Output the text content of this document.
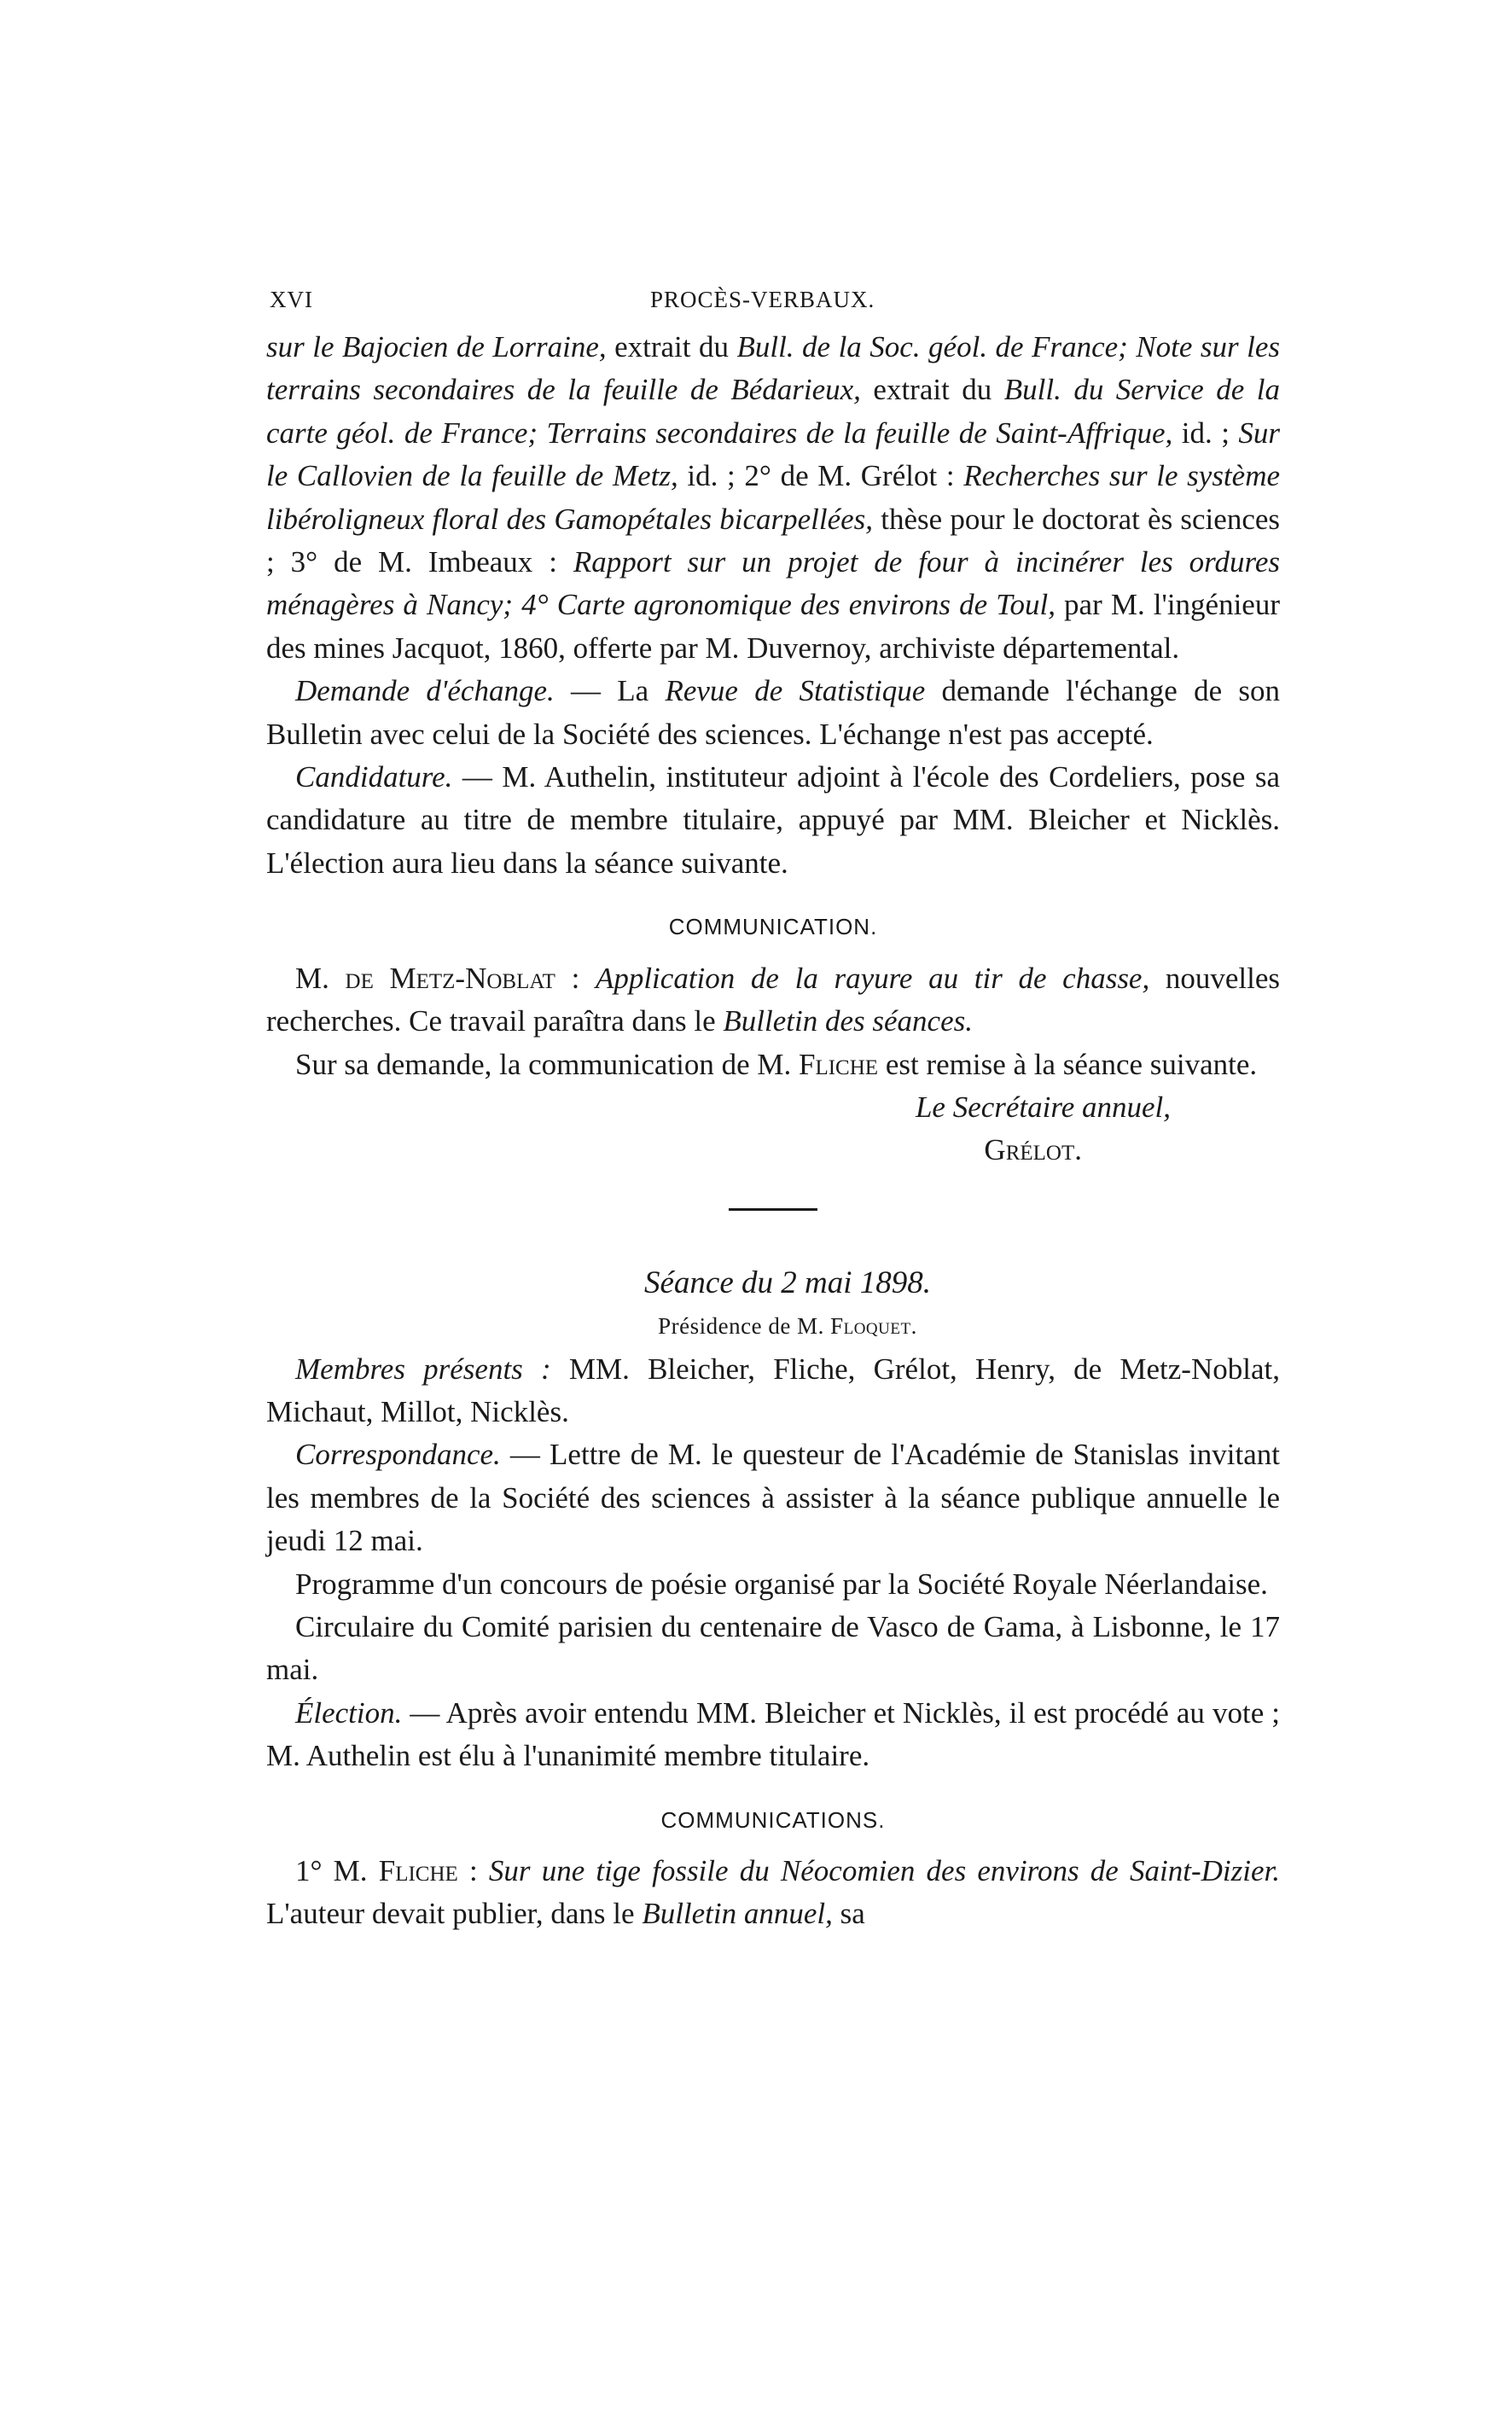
XVI	PROCÈS-VERBAUX.

sur le Bajocien de Lorraine, extrait du Bull. de la Soc. géol. de France; Note sur les terrains secondaires de la feuille de Bédarieux, extrait du Bull. du Service de la carte géol. de France; Terrains secondaires de la feuille de Saint-Affrique, id. ; Sur le Callovien de la feuille de Metz, id. ; 2° de M. Grélot : Recherches sur le système libéroligneux floral des Gamopétales bicarpellées, thèse pour le doctorat ès sciences ; 3° de M. Imbeaux : Rapport sur un projet de four à incinérer les ordures ménagères à Nancy; 4° Carte agronomique des environs de Toul, par M. l'ingénieur des mines Jacquot, 1860, offerte par M. Duvernoy, archiviste départemental.

Demande d'échange. — La Revue de Statistique demande l'échange de son Bulletin avec celui de la Société des sciences. L'échange n'est pas accepté.

Candidature. — M. Authelin, instituteur adjoint à l'école des Cordeliers, pose sa candidature au titre de membre titulaire, appuyé par MM. Bleicher et Nicklès. L'élection aura lieu dans la séance suivante.

COMMUNICATION.

M. de Metz-Noblat : Application de la rayure au tir de chasse, nouvelles recherches. Ce travail paraîtra dans le Bulletin des séances.

Sur sa demande, la communication de M. Fliche est remise à la séance suivante.

Le Secrétaire annuel,

Grélot.

Séance du 2 mai 1898.

Présidence de M. Floquet.

Membres présents : MM. Bleicher, Fliche, Grélot, Henry, de Metz-Noblat, Michaut, Millot, Nicklès.

Correspondance. — Lettre de M. le questeur de l'Académie de Stanislas invitant les membres de la Société des sciences à assister à la séance publique annuelle le jeudi 12 mai.

Programme d'un concours de poésie organisé par la Société Royale Néerlandaise.

Circulaire du Comité parisien du centenaire de Vasco de Gama, à Lisbonne, le 17 mai.

Élection. — Après avoir entendu MM. Bleicher et Nicklès, il est procédé au vote ; M. Authelin est élu à l'unanimité membre titulaire.

COMMUNICATIONS.

1° M. Fliche : Sur une tige fossile du Néocomien des environs de Saint-Dizier. L'auteur devait publier, dans le Bulletin annuel, sa
